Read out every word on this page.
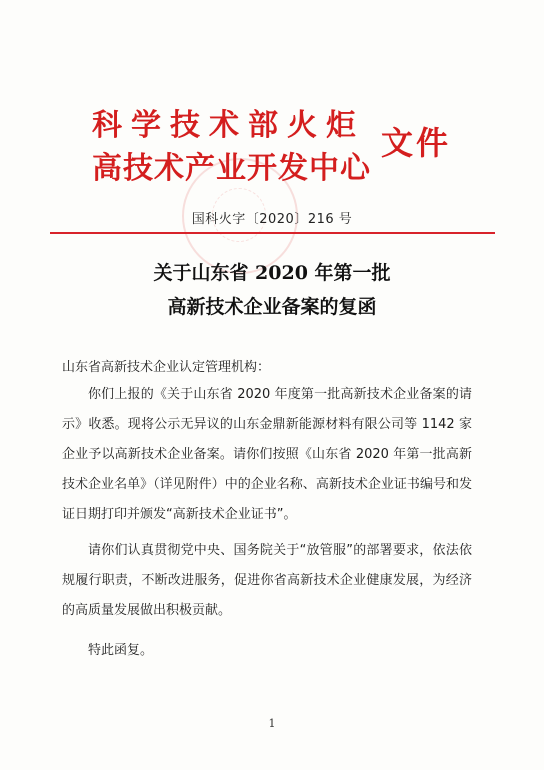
科学技术部火炬
高技术产业开发中心
文件
国科火字〔2020〕216 号
关于山东省 2020 年第一批
高新技术企业备案的复函
山东省高新技术企业认定管理机构：
你们上报的《关于山东省 2020 年度第一批高新技术企业备案的请示》收悉。现将公示无异议的山东金鼎新能源材料有限公司等 1142 家企业予以高新技术企业备案。请你们按照《山东省 2020 年第一批高新技术企业名单》（详见附件）中的企业名称、高新技术企业证书编号和发证日期打印并颁发“高新技术企业证书”。
请你们认真贯彻党中央、国务院关于“放管服”的部署要求，依法依规履行职责，不断改进服务，促进你省高新技术企业健康发展，为经济的高质量发展做出积极贡献。
特此函复。
1
